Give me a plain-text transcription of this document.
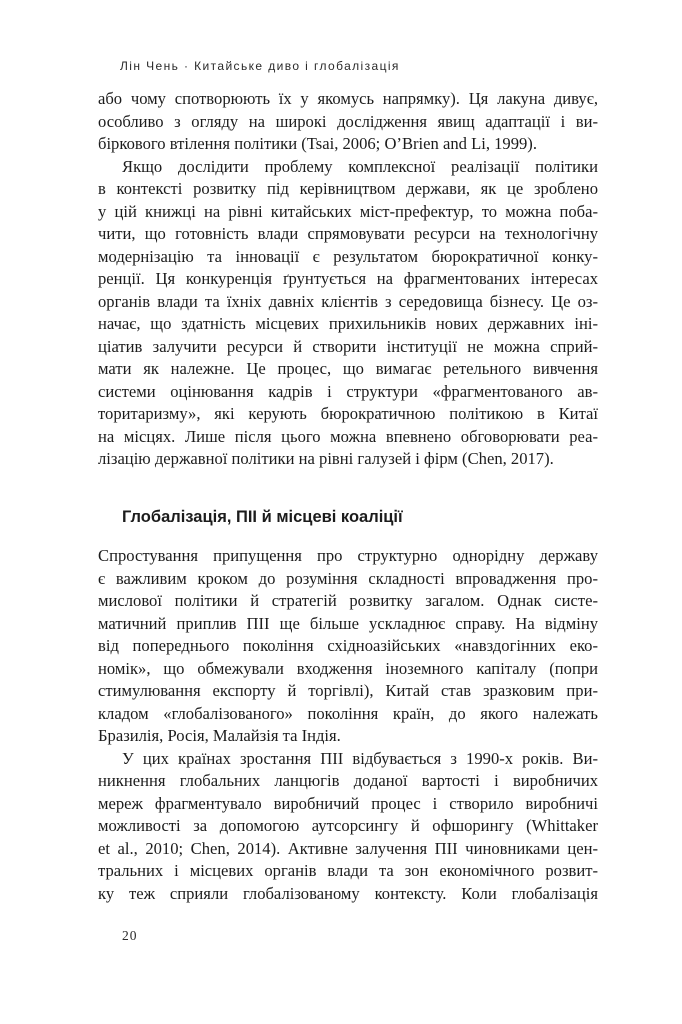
Лін Чень · Китайське диво і глобалізація
або чому спотворюють їх у якомусь напрямку). Ця лакуна дивує,
особливо з огляду на широкі дослідження явищ адаптації і ви-
біркового втілення політики (Tsai, 2006; O’Brien and Li, 1999).
Якщо дослідити проблему комплексної реалізації політики
в контексті розвитку під керівництвом держави, як це зроблено
у цій книжці на рівні китайських міст-префектур, то можна поба-
чити, що готовність влади спрямовувати ресурси на технологічну
модернізацію та інновації є результатом бюрократичної конку-
ренції. Ця конкуренція ґрунтується на фрагментованих інтересах
органів влади та їхніх давніх клієнтів з середовища бізнесу. Це оз-
начає, що здатність місцевих прихильників нових державних іні-
ціатив залучити ресурси й створити інституції не можна сприй-
мати як належне. Це процес, що вимагає ретельного вивчення
системи оцінювання кадрів і структури «фрагментованого ав-
торитаризму», які керують бюрократичною політикою в Китаї
на місцях. Лише після цього можна впевнено обговорювати реа-
лізацію державної політики на рівні галузей і фірм (Chen, 2017).
Глобалізація, ПІІ й місцеві коаліції
Спростування припущення про структурно однорідну державу
є важливим кроком до розуміння складності впровадження про-
мислової політики й стратегій розвитку загалом. Однак систе-
матичний приплив ПІІ ще більше ускладнює справу. На відміну
від попереднього покоління східноазійських «навздогінних еко-
номік», що обмежували входження іноземного капіталу (попри
стимулювання експорту й торгівлі), Китай став зразковим при-
кладом «глобалізованого» покоління країн, до якого належать
Бразилія, Росія, Малайзія та Індія.
У цих країнах зростання ПІІ відбувається з 1990-х років. Ви-
никнення глобальних ланцюгів доданої вартості і виробничих
мереж фрагментувало виробничий процес і створило виробничі
можливості за допомогою аутсорсингу й офшорингу (Whittaker
et al., 2010; Chen, 2014). Активне залучення ПІІ чиновниками цен-
тральних і місцевих органів влади та зон економічного розвит-
ку теж сприяли глобалізованому контексту. Коли глобалізація
20
